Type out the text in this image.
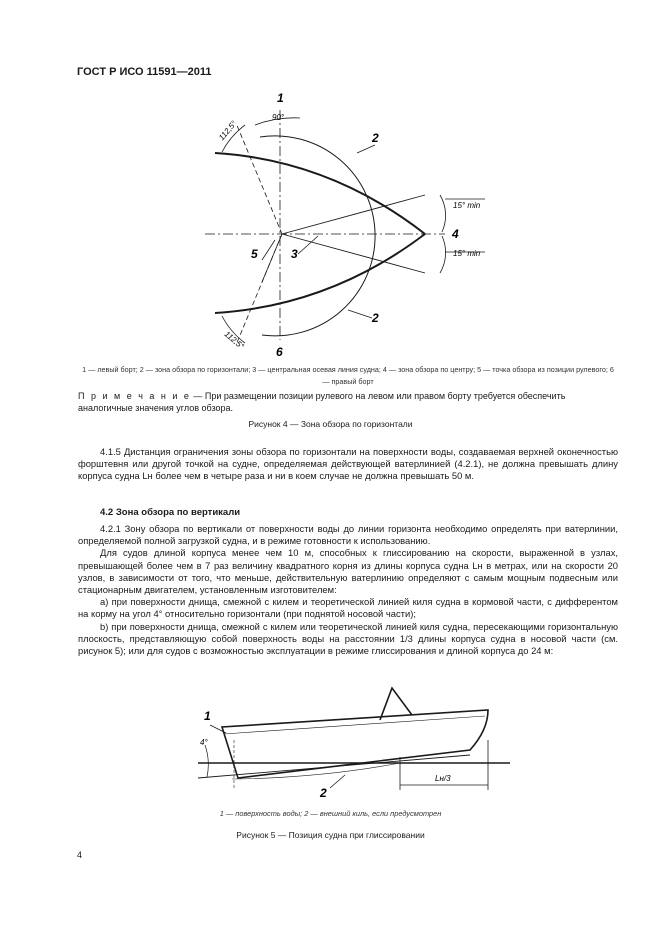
ГОСТ Р ИСО 11591—2011
1
90°
112,5°	2
15° min
4
15° min
5	3
2
112,5°
6
1 — левый борт; 2 — зона обзора по горизонтали; 3 — центральная осевая линия судна; 4 — зона обзора по центру; 5 — точка обзора из позиции рулевого; 6 — правый борт
П р и м е ч а н и е — При размещении позиции рулевого на левом или правом борту требуется обеспечить аналогичные значения углов обзора.
Рисунок 4 — Зона обзора по горизонтали

4.1.5 Дистанция ограничения зоны обзора по горизонтали на поверхности воды, создаваемая верхней оконечностью форштевня или другой точкой на судне, определяемая действующей ватерлинией (4.2.1), не должна превышать длину корпуса судна Lн более чем в четыре раза и ни в коем случае не должна превышать 50 м.

4.2 Зона обзора по вертикали

4.2.1 Зону обзора по вертикали от поверхности воды до линии горизонта необходимо определять при ватерлинии, определяемой полной загрузкой судна, и в режиме готовности к использованию.

Для судов длиной корпуса менее чем 10 м, способных к глиссированию на скорости, выраженной в узлах, превышающей более чем в 7 раз величину квадратного корня из длины корпуса судна Lн в метрах, или на скорости 20 узлов, в зависимости от того, что меньше, действительную ватерлинию определяют с самым мощным подвесным или стационарным двигателем, установленным изготовителем:

a) при поверхности днища, смежной с килем и теоретической линией киля судна в кормовой части, с дифферентом на корму на угол 4° относительно горизонтали (при поднятой носовой части);

b) при поверхности днища, смежной с килем или теоретической линией киля судна, пересекающими горизонтальную плоскость, представляющую собой поверхность воды на расстоянии 1/3 длины корпуса судна в носовой части (см. рисунок 5); или для судов с возможностью эксплуатации в режиме глиссирования и длиной корпуса до 24 м:

1
4°
Lн/3
2
1 — поверхность воды; 2 — внешний киль, если предусмотрен
Рисунок 5 — Позиция судна при глиссировании
4
